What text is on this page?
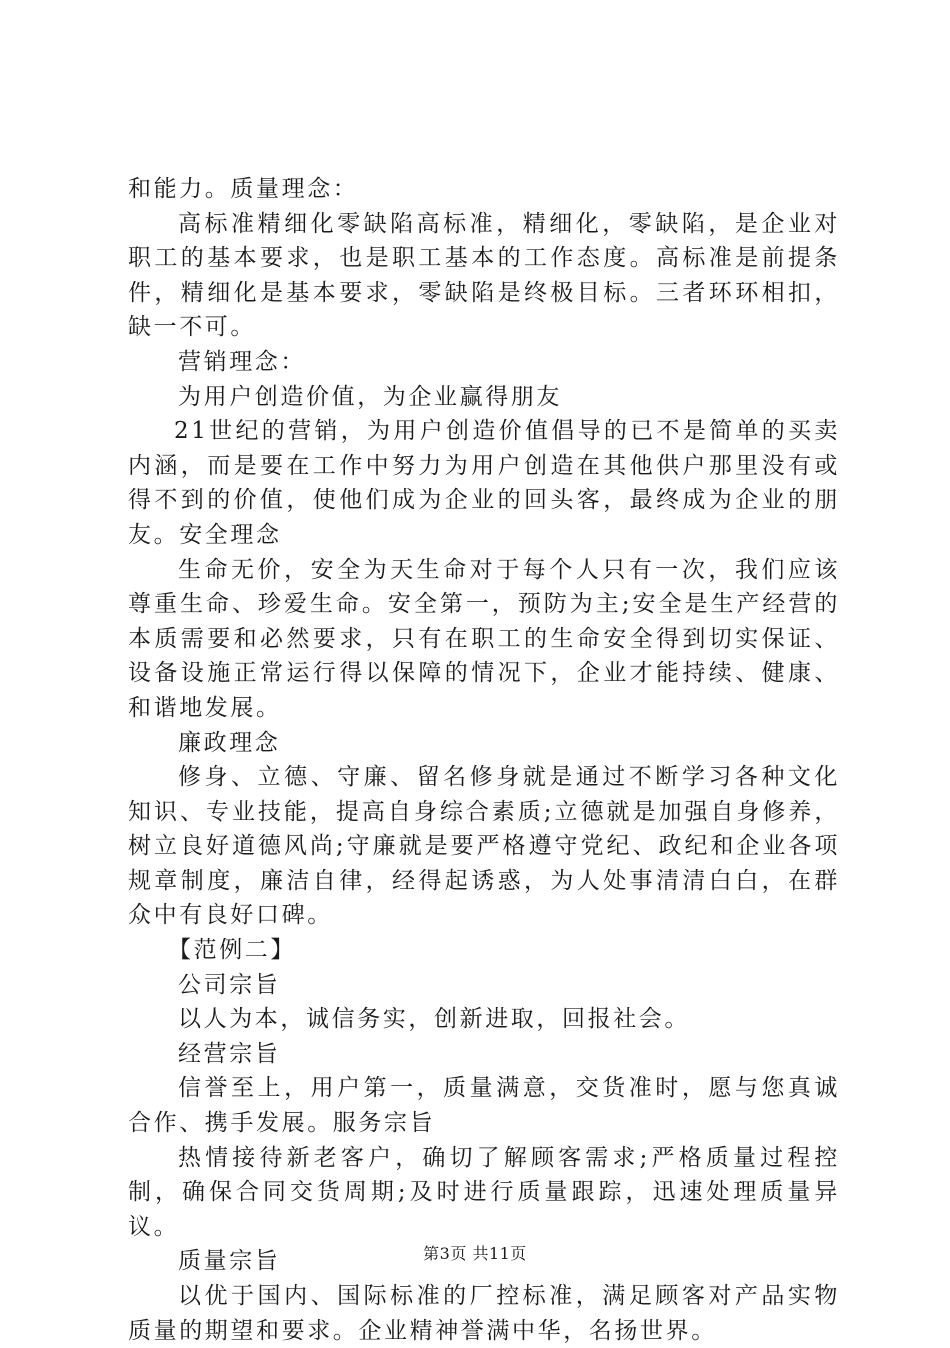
和能力。质量理念：

高标准精细化零缺陷高标准，精细化，零缺陷，是企业对职工的基本要求，也是职工基本的工作态度。高标准是前提条件，精细化是基本要求，零缺陷是终极目标。三者环环相扣，缺一不可。

营销理念：

为用户创造价值，为企业赢得朋友

21世纪的营销，为用户创造价值倡导的已不是简单的买卖内涵，而是要在工作中努力为用户创造在其他供户那里没有或得不到的价值，使他们成为企业的回头客，最终成为企业的朋友。安全理念

生命无价，安全为天生命对于每个人只有一次，我们应该尊重生命、珍爱生命。安全第一，预防为主;安全是生产经营的本质需要和必然要求，只有在职工的生命安全得到切实保证、设备设施正常运行得以保障的情况下，企业才能持续、健康、和谐地发展。

廉政理念

修身、立德、守廉、留名修身就是通过不断学习各种文化知识、专业技能，提高自身综合素质;立德就是加强自身修养，树立良好道德风尚;守廉就是要严格遵守党纪、政纪和企业各项规章制度，廉洁自律，经得起诱惑，为人处事清清白白，在群众中有良好口碑。

【范例二】

公司宗旨

以人为本，诚信务实，创新进取，回报社会。

经营宗旨

信誉至上，用户第一，质量满意，交货准时，愿与您真诚合作、携手发展。服务宗旨

热情接待新老客户，确切了解顾客需求;严格质量过程控制，确保合同交货周期;及时进行质量跟踪，迅速处理质量异议。

质量宗旨

以优于国内、国际标准的厂控标准，满足顾客对产品实物质量的期望和要求。企业精神誉满中华，名扬世界。

第3页 共11页
